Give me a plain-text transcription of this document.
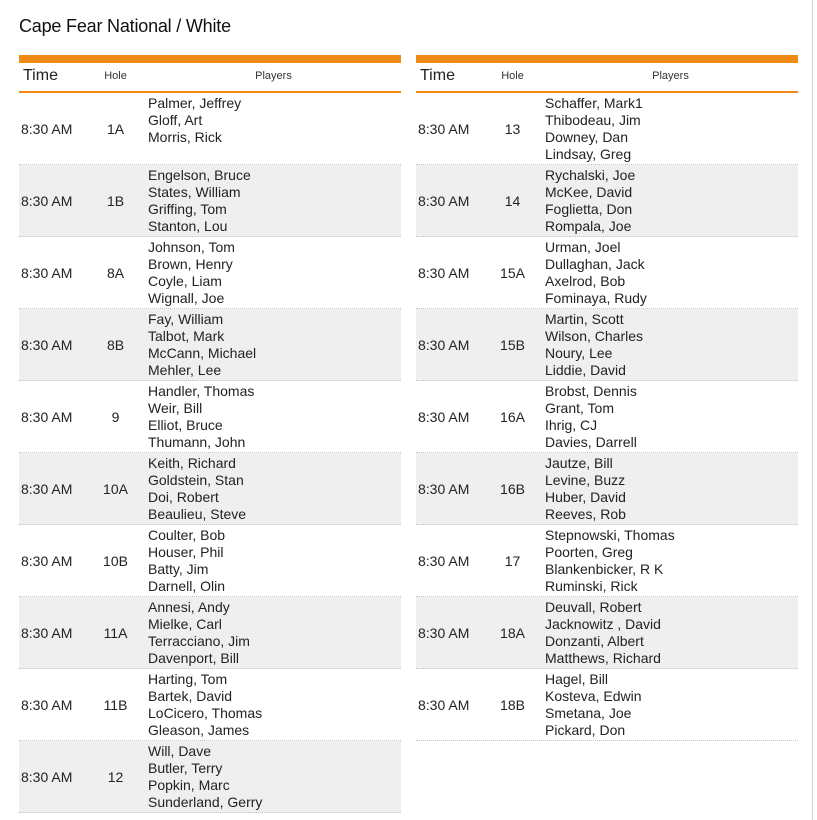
Cape Fear National / White
Time	Hole	Players
8:30 AM	1A
Palmer, Jeffrey
Gloff, Art
Morris, Rick
8:30 AM	1B
Engelson, Bruce
States, William
Griffing, Tom
Stanton, Lou
8:30 AM	8A
Johnson, Tom
Brown, Henry
Coyle, Liam
Wignall, Joe
8:30 AM	8B
Fay, William
Talbot, Mark
McCann, Michael
Mehler, Lee
8:30 AM	9
Handler, Thomas
Weir, Bill
Elliot, Bruce
Thumann, John
8:30 AM	10A
Keith, Richard
Goldstein, Stan
Doi, Robert
Beaulieu, Steve
8:30 AM	10B
Coulter, Bob
Houser, Phil
Batty, Jim
Darnell, Olin
8:30 AM	11A
Annesi, Andy
Mielke, Carl
Terracciano, Jim
Davenport, Bill
8:30 AM	11B
Harting, Tom
Bartek, David
LoCicero, Thomas
Gleason, James
8:30 AM	12
Will, Dave
Butler, Terry
Popkin, Marc
Sunderland, Gerry
Time	Hole	Players
8:30 AM	13
Schaffer, Mark1
Thibodeau, Jim
Downey, Dan
Lindsay, Greg
8:30 AM	14
Rychalski, Joe
McKee, David
Foglietta, Don
Rompala, Joe
8:30 AM	15A
Urman, Joel
Dullaghan, Jack
Axelrod, Bob
Fominaya, Rudy
8:30 AM	15B
Martin, Scott
Wilson, Charles
Noury, Lee
Liddie, David
8:30 AM	16A
Brobst, Dennis
Grant, Tom
Ihrig, CJ
Davies, Darrell
8:30 AM	16B
Jautze, Bill
Levine, Buzz
Huber, David
Reeves, Rob
8:30 AM	17
Stepnowski, Thomas
Poorten, Greg
Blankenbicker, R K
Ruminski, Rick
8:30 AM	18A
Deuvall, Robert
Jacknowitz , David
Donzanti, Albert
Matthews, Richard
8:30 AM	18B
Hagel, Bill
Kosteva, Edwin
Smetana, Joe
Pickard, Don
